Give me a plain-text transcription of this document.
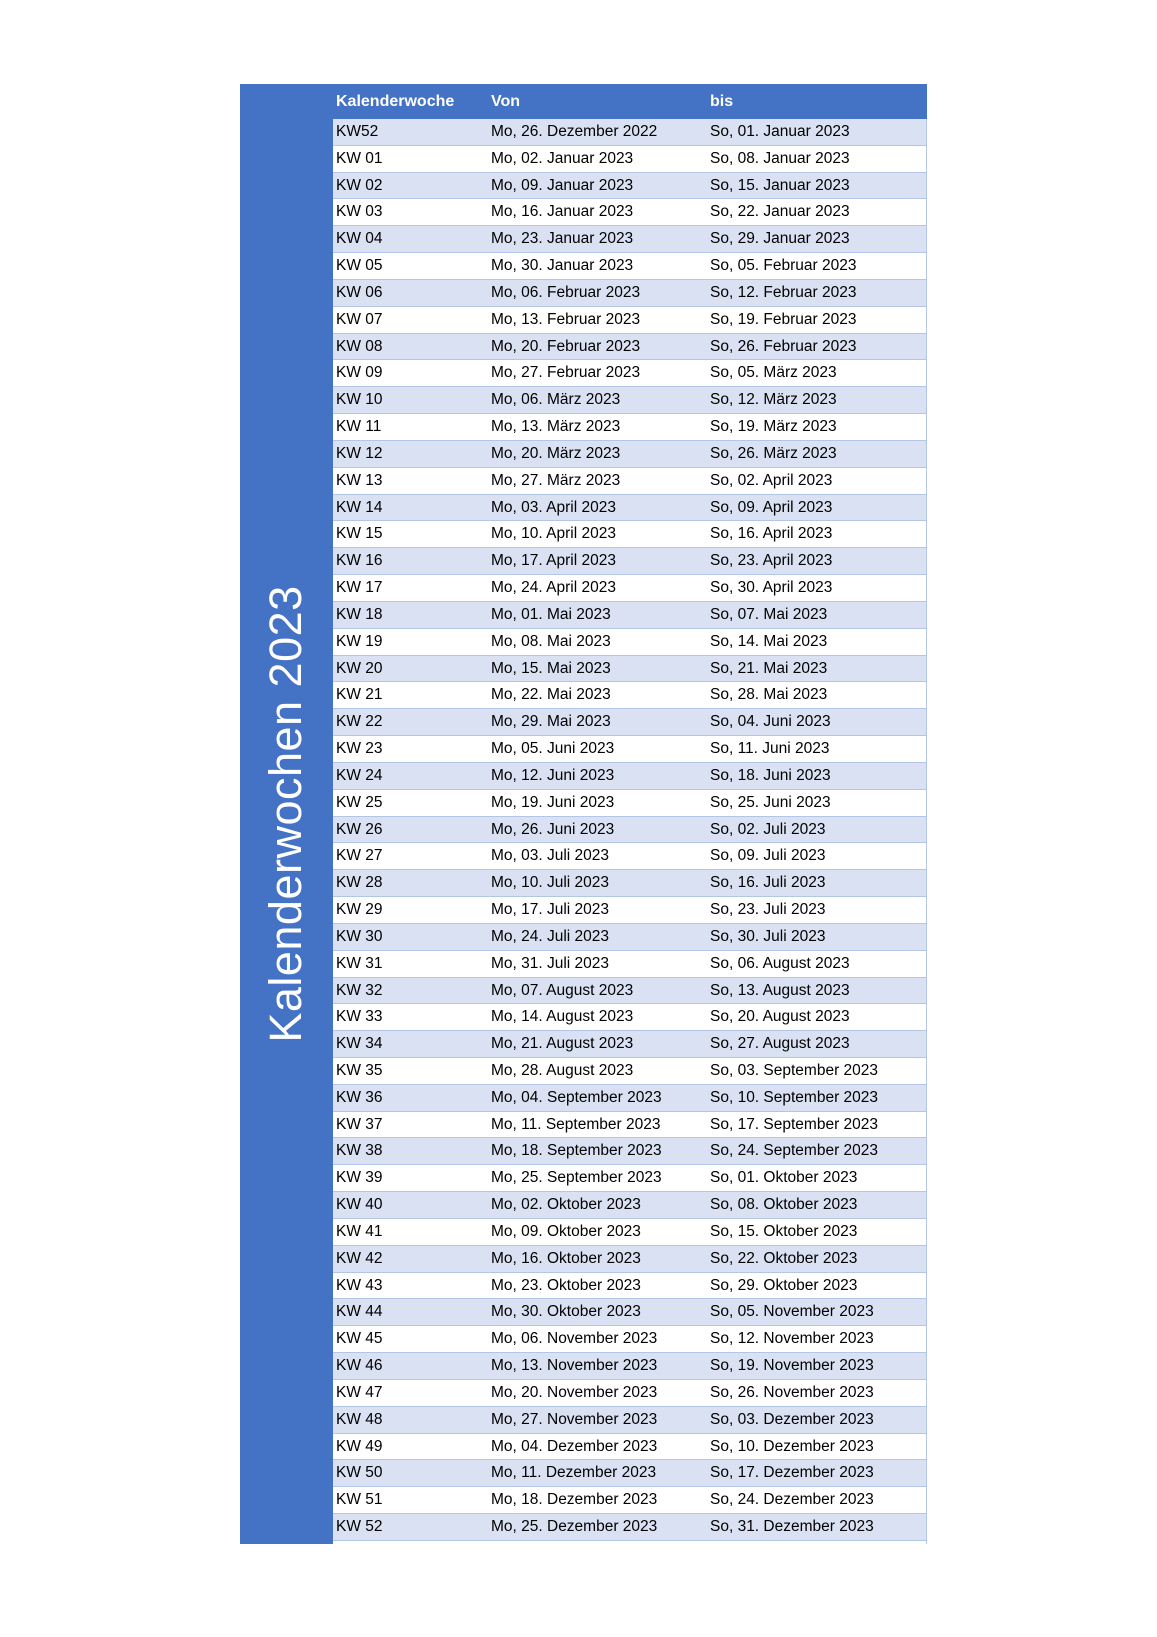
Kalenderwochen 2023
Kalenderwoche Von	bis
KW52	Mo, 26. Dezember 2022	So, 01. Januar 2023
KW 01	Mo, 02. Januar 2023	So, 08. Januar 2023
KW 02	Mo, 09. Januar 2023	So, 15. Januar 2023
KW 03	Mo, 16. Januar 2023	So, 22. Januar 2023
KW 04	Mo, 23. Januar 2023	So, 29. Januar 2023
KW 05	Mo, 30. Januar 2023	So, 05. Februar 2023
KW 06	Mo, 06. Februar 2023	So, 12. Februar 2023
KW 07	Mo, 13. Februar 2023	So, 19. Februar 2023
KW 08	Mo, 20. Februar 2023	So, 26. Februar 2023
KW 09	Mo, 27. Februar 2023	So, 05. März 2023
KW 10	Mo, 06. März 2023	So, 12. März 2023
KW 11	Mo, 13. März 2023	So, 19. März 2023
KW 12	Mo, 20. März 2023	So, 26. März 2023
KW 13	Mo, 27. März 2023	So, 02. April 2023
KW 14	Mo, 03. April 2023	So, 09. April 2023
KW 15	Mo, 10. April 2023	So, 16. April 2023
KW 16	Mo, 17. April 2023	So, 23. April 2023
KW 17	Mo, 24. April 2023	So, 30. April 2023
KW 18	Mo, 01. Mai 2023	So, 07. Mai 2023
KW 19	Mo, 08. Mai 2023	So, 14. Mai 2023
KW 20	Mo, 15. Mai 2023	So, 21. Mai 2023
KW 21	Mo, 22. Mai 2023	So, 28. Mai 2023
KW 22	Mo, 29. Mai 2023	So, 04. Juni 2023
KW 23	Mo, 05. Juni 2023	So, 11. Juni 2023
KW 24	Mo, 12. Juni 2023	So, 18. Juni 2023
KW 25	Mo, 19. Juni 2023	So, 25. Juni 2023
KW 26	Mo, 26. Juni 2023	So, 02. Juli 2023
KW 27	Mo, 03. Juli 2023	So, 09. Juli 2023
KW 28	Mo, 10. Juli 2023	So, 16. Juli 2023
KW 29	Mo, 17. Juli 2023	So, 23. Juli 2023
KW 30	Mo, 24. Juli 2023	So, 30. Juli 2023
KW 31	Mo, 31. Juli 2023	So, 06. August 2023
KW 32	Mo, 07. August 2023	So, 13. August 2023
KW 33	Mo, 14. August 2023	So, 20. August 2023
KW 34	Mo, 21. August 2023	So, 27. August 2023
KW 35	Mo, 28. August 2023	So, 03. September 2023
KW 36	Mo, 04. September 2023	So, 10. September 2023
KW 37	Mo, 11. September 2023	So, 17. September 2023
KW 38	Mo, 18. September 2023	So, 24. September 2023
KW 39	Mo, 25. September 2023	So, 01. Oktober 2023
KW 40	Mo, 02. Oktober 2023	So, 08. Oktober 2023
KW 41	Mo, 09. Oktober 2023	So, 15. Oktober 2023
KW 42	Mo, 16. Oktober 2023	So, 22. Oktober 2023
KW 43	Mo, 23. Oktober 2023	So, 29. Oktober 2023
KW 44	Mo, 30. Oktober 2023	So, 05. November 2023
KW 45	Mo, 06. November 2023	So, 12. November 2023
KW 46	Mo, 13. November 2023	So, 19. November 2023
KW 47	Mo, 20. November 2023	So, 26. November 2023
KW 48	Mo, 27. November 2023	So, 03. Dezember 2023
KW 49	Mo, 04. Dezember 2023	So, 10. Dezember 2023
KW 50	Mo, 11. Dezember 2023	So, 17. Dezember 2023
KW 51	Mo, 18. Dezember 2023	So, 24. Dezember 2023
KW 52	Mo, 25. Dezember 2023	So, 31. Dezember 2023
